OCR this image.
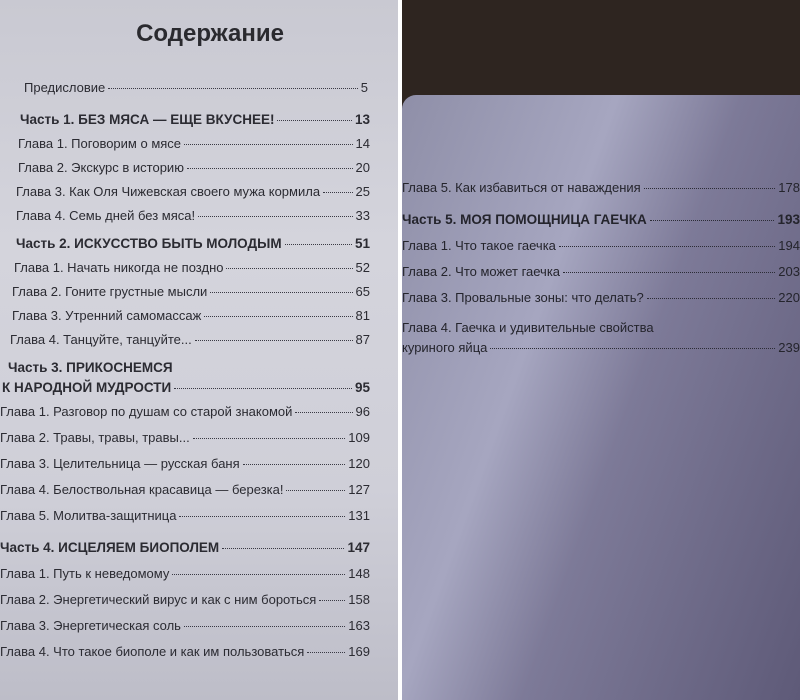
Содержание
Предисловие	5
Часть 1. БЕЗ МЯСА — ЕЩЕ ВКУСНЕЕ!	13
Глава 1. Поговорим о мясе	14
Глава 2. Экскурс в историю	20
Глава 3. Как Оля Чижевская своего мужа кормила	25
Глава 4. Семь дней без мяса!	33
Часть 2. ИСКУССТВО БЫТЬ МОЛОДЫМ	51
Глава 1. Начать никогда не поздно	52
Глава 2. Гоните грустные мысли	65
Глава 3. Утренний самомассаж	81
Глава 4. Танцуйте, танцуйте...	87
Часть 3. ПРИКОСНЕМСЯ
К НАРОДНОЙ МУДРОСТИ	95
Глава 1. Разговор по душам со старой знакомой	96
Глава 2. Травы, травы, травы...	109
Глава 3. Целительница — русская баня	120
Глава 4. Белоствольная красавица — березка!	127
Глава 5. Молитва-защитница	131
Часть 4. ИСЦЕЛЯЕМ БИОПОЛЕМ	147
Глава 1. Путь к неведомому	148
Глава 2. Энергетический вирус и как с ним бороться 158
Глава 3. Энергетическая соль	163
Глава 4. Что такое биополе и как им пользоваться	169
Глава 5. Как избавиться от наваждения	178
Часть 5. МОЯ ПОМОЩНИЦА ГАЕЧКА	193
Глава 1. Что такое гаечка	194
Глава 2. Что может гаечка	203
Глава 3. Провальные зоны: что делать?	220
Глава 4. Гаечка и удивительные свойства
куриного яйца	239
